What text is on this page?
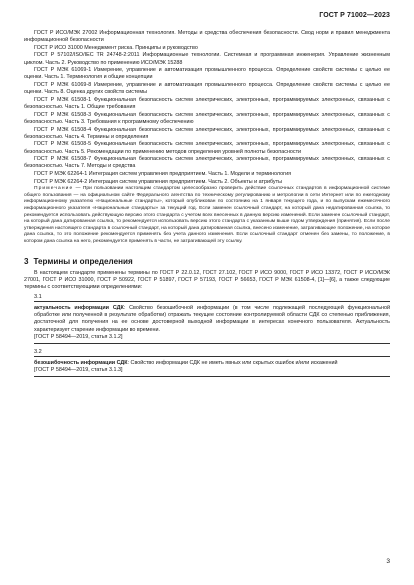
ГОСТ Р 71002—2023

ГОСТ Р ИСО/МЭК 27002 Информационная технология. Методы и средства обеспечения безопасности. Свод норм и правил менеджмента информационной безопасности

ГОСТ Р ИСО 31000 Менеджмент риска. Принципы и руководство

ГОСТ Р 57102/ISO/IEC TR 24748-2:2011 Информационные технологии. Системная и программная инженерия. Управление жизненным циклом. Часть 2. Руководство по применению ИСО/МЭК 15288

ГОСТ Р МЭК 61069-1 Измерение, управление и автоматизация промышленного процесса. Определение свойств системы с целью ее оценки. Часть 1. Терминология и общие концепции

ГОСТ Р МЭК 61069-8 Измерение, управление и автоматизация промышленного процесса. Определение свойств системы с целью ее оценки. Часть 8. Оценка других свойств системы

ГОСТ Р МЭК 61508-1 Функциональная безопасность систем электрических, электронных, программируемых электронных, связанных с безопасностью. Часть 1. Общие требования

ГОСТ Р МЭК 61508-3 Функциональная безопасность систем электрических, электронных, программируемых электронных, связанных с безопасностью. Часть 3. Требования к программному обеспечению

ГОСТ Р МЭК 61508-4 Функциональная безопасность систем электрических, электронных, программируемых электронных, связанных с безопасностью. Часть 4. Термины и определения

ГОСТ Р МЭК 61508-5 Функциональная безопасность систем электрических, электронных, программируемых электронных, связанных с безопасностью. Часть 5. Рекомендации по применению методов определения уровней полноты безопасности

ГОСТ Р МЭК 61508-7 Функциональная безопасность систем электрических, электронных, программируемых электронных, связанных с безопасностью. Часть 7. Методы и средства

ГОСТ Р МЭК 62264-1 Интеграция систем управления предприятием. Часть 1. Модели и терминология

ГОСТ Р МЭК 62264-2 Интеграция систем управления предприятием. Часть 2. Объекты и атрибуты

Примечание — При пользовании настоящим стандартом целесообразно проверить действие ссылочных стандартов в информационной системе общего пользования — на официальном сайте Федерального агентства по техническому регулированию и метрологии в сети Интернет или по ежегодному информационному указателю «Национальные стандарты», который опубликован по состоянию на 1 января текущего года, и по выпускам ежемесячного информационного указателя «Национальные стандарты» за текущий год. Если заменен ссылочный стандарт, на который дана недатированная ссылка, то рекомендуется использовать действующую версию этого стандарта с учетом всех внесенных в данную версию изменений. Если заменен ссылочный стандарт, на который дана датированная ссылка, то рекомендуется использовать версию этого стандарта с указанным выше годом утверждения (принятия). Если после утверждения настоящего стандарта в ссылочный стандарт, на который дана датированная ссылка, внесено изменение, затрагивающее положение, на которое дана ссылка, то это положение рекомендуется применять без учета данного изменения. Если ссылочный стандарт отменен без замены, то положение, в котором дана ссылка на него, рекомендуется применять в части, не затрагивающей эту ссылку.

3 Термины и определения

В настоящем стандарте применены термины по ГОСТ Р 22.0.12, ГОСТ 27.102, ГОСТ Р ИСО 9000, ГОСТ Р ИСО 13372, ГОСТ Р ИСО/МЭК 27001, ГОСТ Р ИСО 31000, ГОСТ Р 50922, ГОСТ Р 51897, ГОСТ Р 57193, ГОСТ Р 56653, ГОСТ Р МЭК 61508-4, [1]—[6], а также следующие термины с соответствующими определениями:

3.1

актуальность информации СДК: Свойство безошибочной информации (в том числе подлежащей последующей функциональной обработке или полученной в результате обработки) отражать текущее состояние контролируемой области СДК со степенью приближения, достаточной для получения на ее основе достоверной выходной информации в интересах конечного пользователя. Актуальность характеризует старение информации во времени.

[ГОСТ Р 58494—2019, статья 3.1.2]

3.2

безошибочность информации СДК: Свойство информации СДК не иметь явных или скрытых ошибок и/или искажений

[ГОСТ Р 58494—2019, статья 3.1.3]

3
